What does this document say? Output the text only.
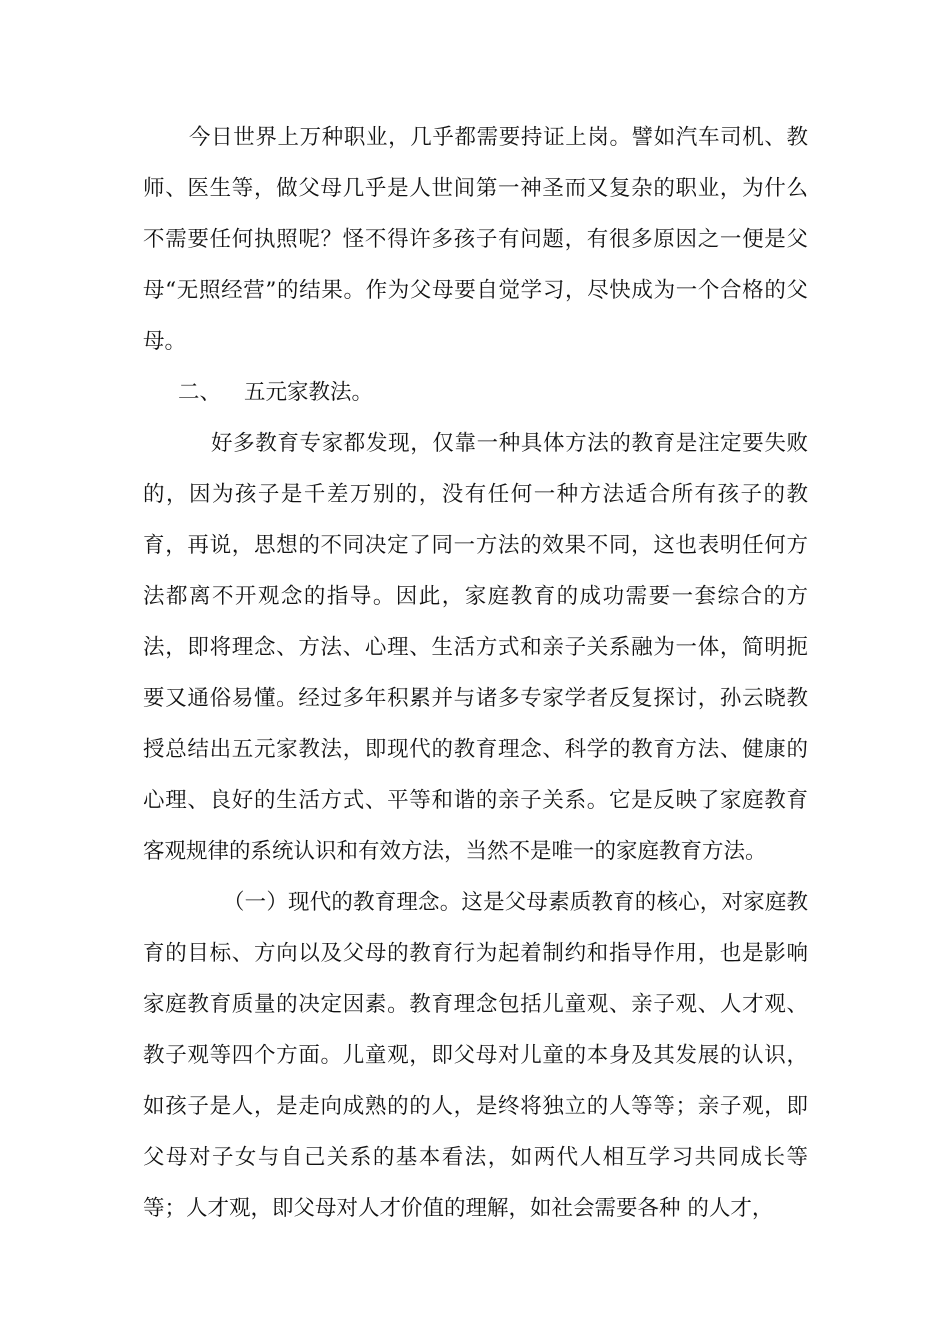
今日世界上万种职业，几乎都需要持证上岗。譬如汽车司机、教师、医生等，做父母几乎是人世间第一神圣而又复杂的职业，为什么不需要任何执照呢？怪不得许多孩子有问题，有很多原因之一便是父母“无照经营”的结果。作为父母要自觉学习，尽快成为一个合格的父母。

二、 五元家教法。

好多教育专家都发现，仅靠一种具体方法的教育是注定要失败的，因为孩子是千差万别的，没有任何一种方法适合所有孩子的教育，再说，思想的不同决定了同一方法的效果不同，这也表明任何方法都离不开观念的指导。因此，家庭教育的成功需要一套综合的方法，即将理念、方法、心理、生活方式和亲子关系融为一体，简明扼要又通俗易懂。经过多年积累并与诸多专家学者反复探讨，孙云晓教授总结出五元家教法，即现代的教育理念、科学的教育方法、健康的心理、良好的生活方式、平等和谐的亲子关系。它是反映了家庭教育客观规律的系统认识和有效方法，当然不是唯一的家庭教育方法。

（一）现代的教育理念。这是父母素质教育的核心，对家庭教育的目标、方向以及父母的教育行为起着制约和指导作用，也是影响家庭教育质量的决定因素。教育理念包括儿童观、亲子观、人才观、教子观等四个方面。儿童观，即父母对儿童的本身及其发展的认识，如孩子是人，是走向成熟的的人，是终将独立的人等等；亲子观，即父母对子女与自己关系的基本看法，如两代人相互学习共同成长等等；人才观，即父母对人才价值的理解，如社会需要各种 的人才，
